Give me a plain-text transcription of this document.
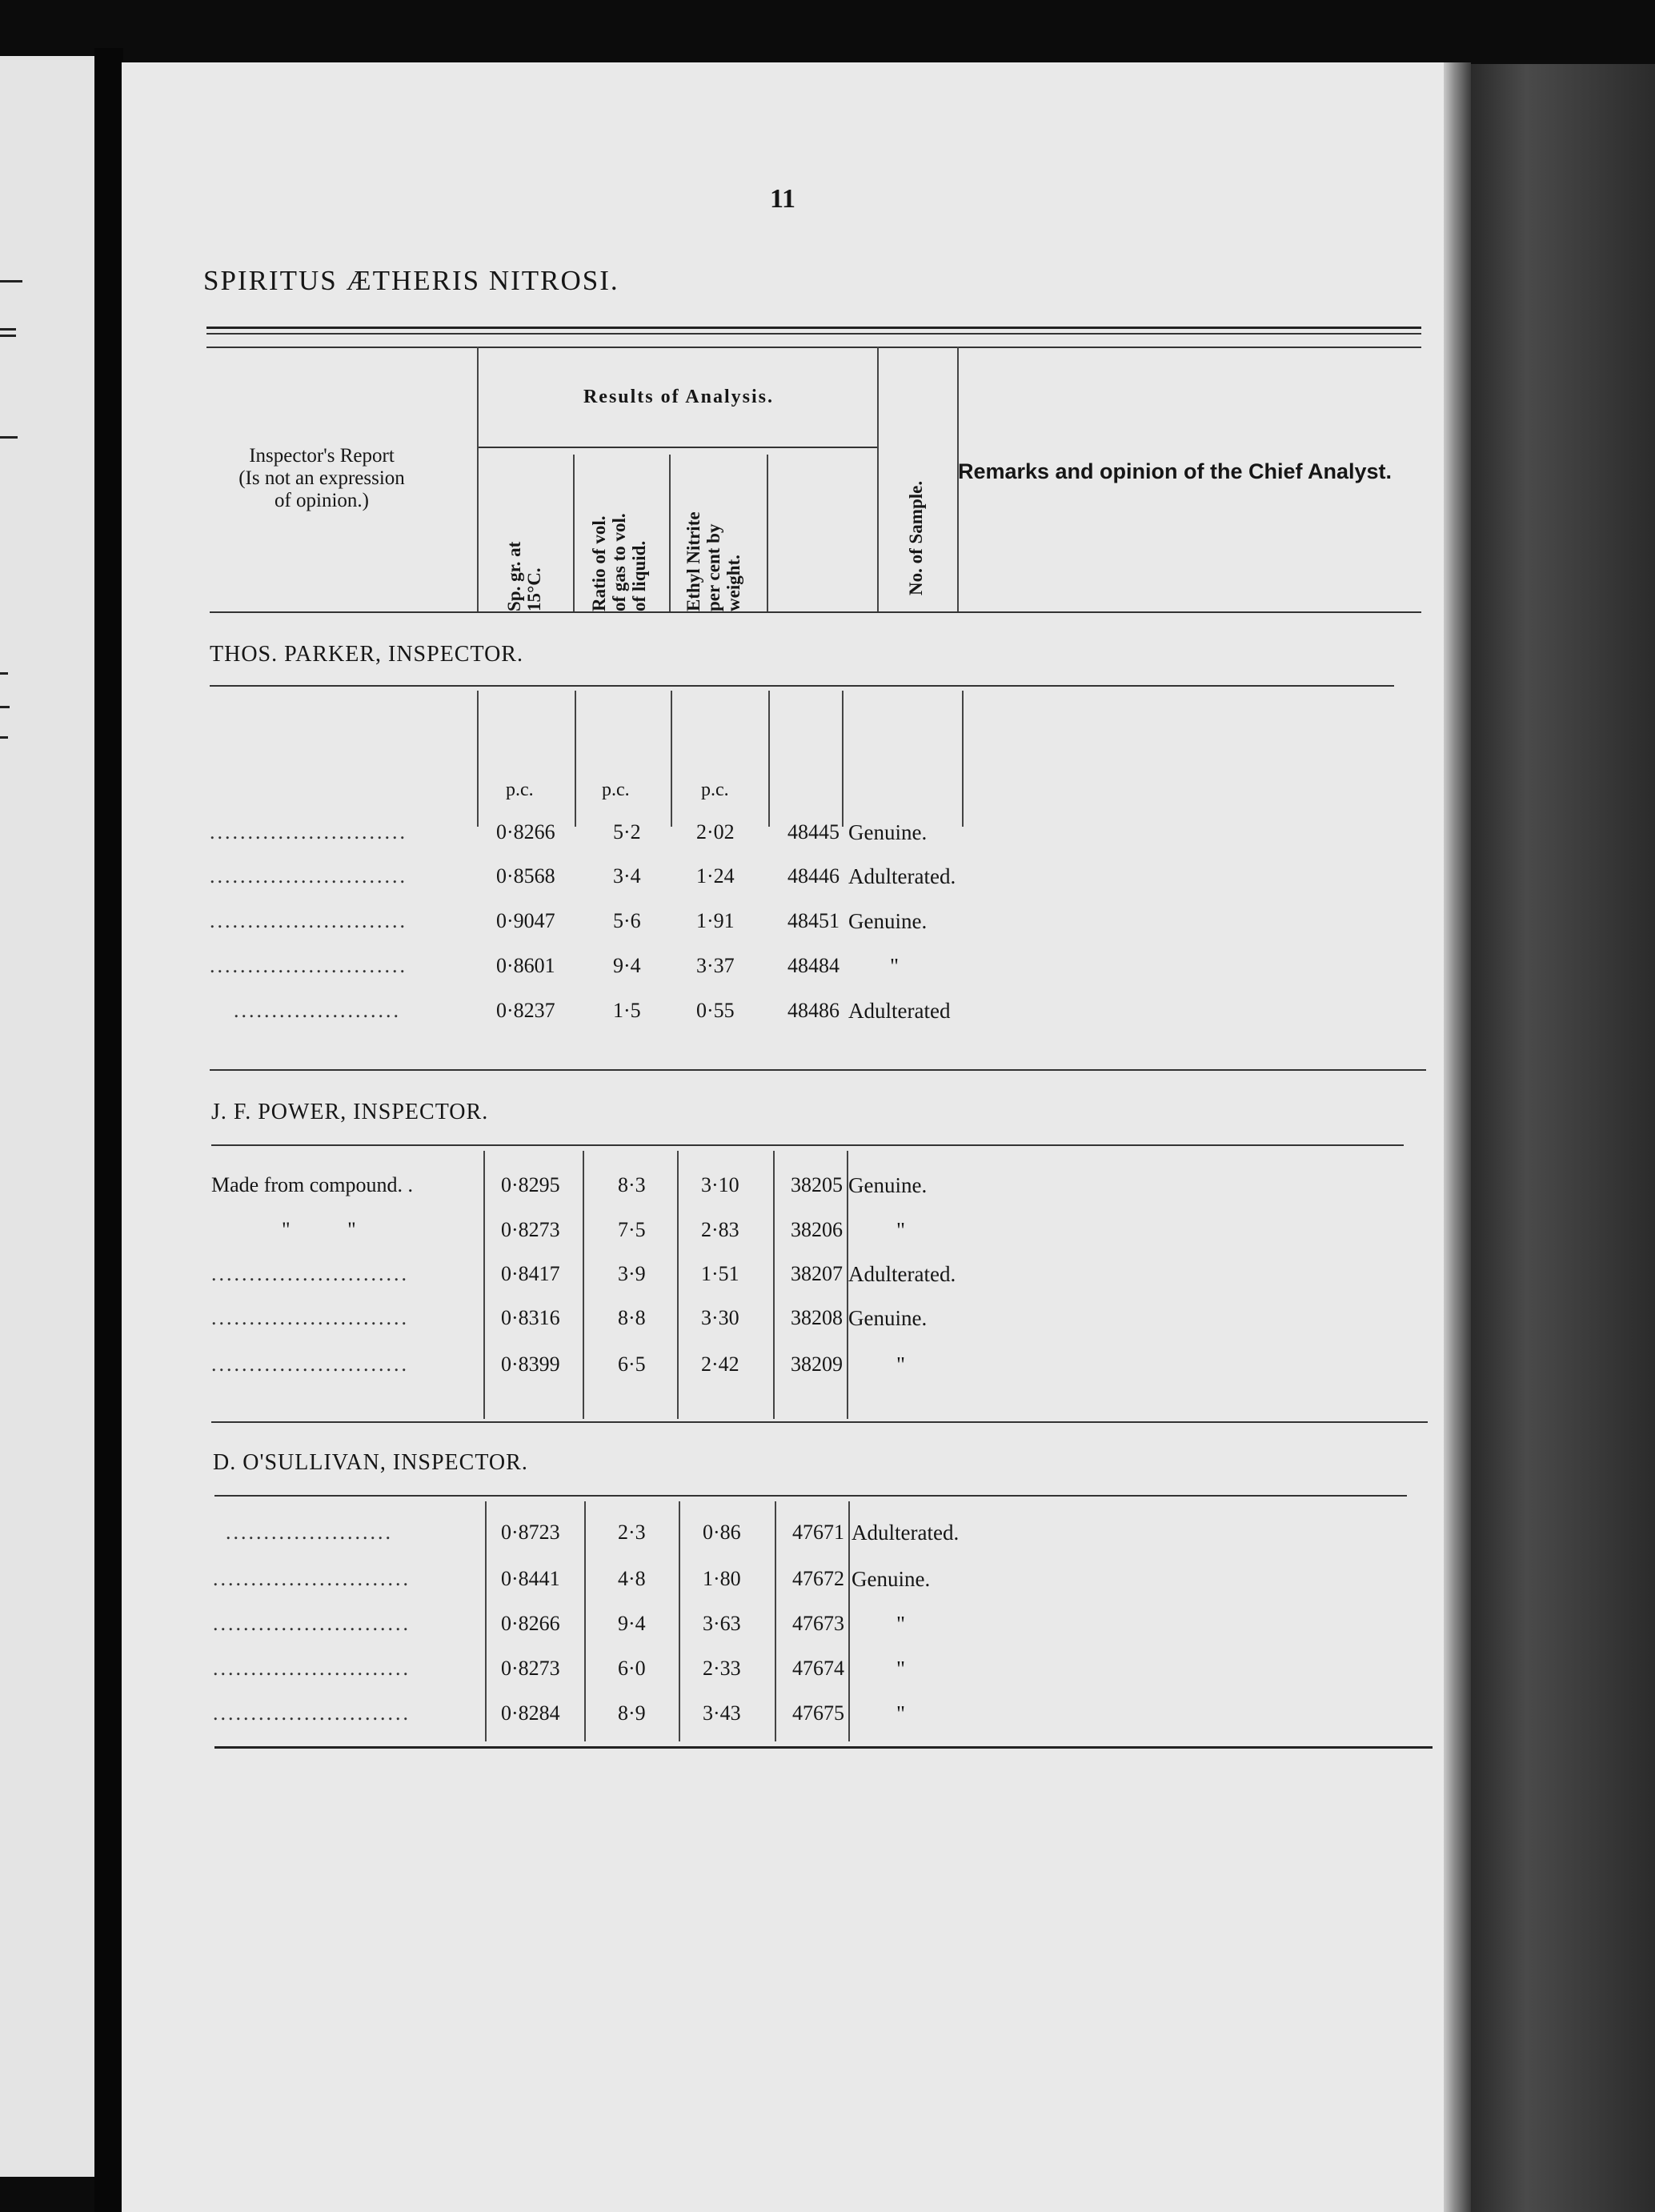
11
SPIRITUS ÆTHERIS NITROSI.
Inspector's Report
(Is not an expression
of opinion.)
Results of Analysis.
Sp. gr. at 15°C. Ratio of vol. of gas to vol. of liquid. Ethyl Nitrite per cent by weight.	No. of Sample.
Remarks and opinion of the Chief Analyst.
THOS. PARKER, INSPECTOR.
p.c.	p.c.	p.c.
..........................	0·8266	5·2	2·02	48445 Genuine.
..........................	0·8568	3·4	1·24	48446 Adulterated.
..........................	0·9047	5·6	1·91	48451 Genuine.
..........................	0·8601	9·4	3·37	48484 "
......................	0·8237	1·5	0·55	48486 Adulterated
J. F. POWER, INSPECTOR.
Made from compound. .	0·8295	8·3	3·10 38205 Genuine.
"           "	0·8273	7·5	2·83 38206 "
..........................	0·8417	3·9	1·51 38207 Adulterated.
..........................	0·8316	8·8	3·30 38208 Genuine.
..........................	0·8399	6·5	2·42 38209 "
D. O'SULLIVAN, INSPECTOR.
......................	0·8723	2·3	0·86 47671 Adulterated.
..........................	0·8441	4·8	1·80 47672 Genuine.
..........................	0·8266	9·4	3·63 47673 "
..........................	0·8273	6·0	2·33 47674 "
..........................	0·8284	8·9	3·43 47675 "
